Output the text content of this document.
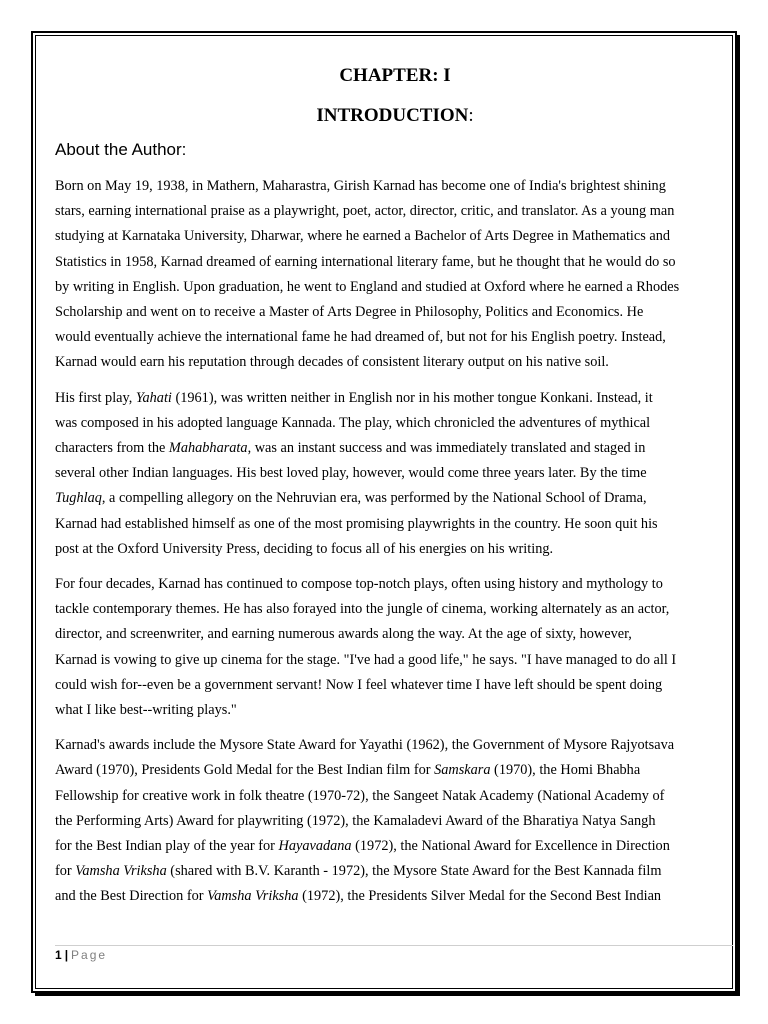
CHAPTER: I
INTRODUCTION:
About the Author:
Born on May 19, 1938, in Mathern, Maharastra, Girish Karnad has become one of India's brightest shining
stars, earning international praise as a playwright, poet, actor, director, critic, and translator. As a young man
studying at Karnataka University, Dharwar, where he earned a Bachelor of Arts Degree in Mathematics and
Statistics in 1958, Karnad dreamed of earning international literary fame, but he thought that he would do so
by writing in English. Upon graduation, he went to England and studied at Oxford where he earned a Rhodes
Scholarship and went on to receive a Master of Arts Degree in Philosophy, Politics and Economics. He
would eventually achieve the international fame he had dreamed of, but not for his English poetry. Instead,
Karnad would earn his reputation through decades of consistent literary output on his native soil.
His first play, Yahati (1961), was written neither in English nor in his mother tongue Konkani. Instead, it
was composed in his adopted language Kannada. The play, which chronicled the adventures of mythical
characters from the Mahabharata, was an instant success and was immediately translated and staged in
several other Indian languages. His best loved play, however, would come three years later. By the time
Tughlaq, a compelling allegory on the Nehruvian era, was performed by the National School of Drama,
Karnad had established himself as one of the most promising playwrights in the country. He soon quit his
post at the Oxford University Press, deciding to focus all of his energies on his writing.
For four decades, Karnad has continued to compose top-notch plays, often using history and mythology to
tackle contemporary themes. He has also forayed into the jungle of cinema, working alternately as an actor,
director, and screenwriter, and earning numerous awards along the way. At the age of sixty, however,
Karnad is vowing to give up cinema for the stage. "I've had a good life," he says. "I have managed to do all I
could wish for--even be a government servant! Now I feel whatever time I have left should be spent doing
what I like best--writing plays."
Karnad's awards include the Mysore State Award for Yayathi (1962), the Government of Mysore Rajyotsava
Award (1970), Presidents Gold Medal for the Best Indian film for Samskara (1970), the Homi Bhabha
Fellowship for creative work in folk theatre (1970-72), the Sangeet Natak Academy (National Academy of
the Performing Arts) Award for playwriting (1972), the Kamaladevi Award of the Bharatiya Natya Sangh
for the Best Indian play of the year for Hayavadana (1972), the National Award for Excellence in Direction
for Vamsha Vriksha (shared with B.V. Karanth - 1972), the Mysore State Award for the Best Kannada film
and the Best Direction for Vamsha Vriksha (1972), the Presidents Silver Medal for the Second Best Indian
1 | Page
